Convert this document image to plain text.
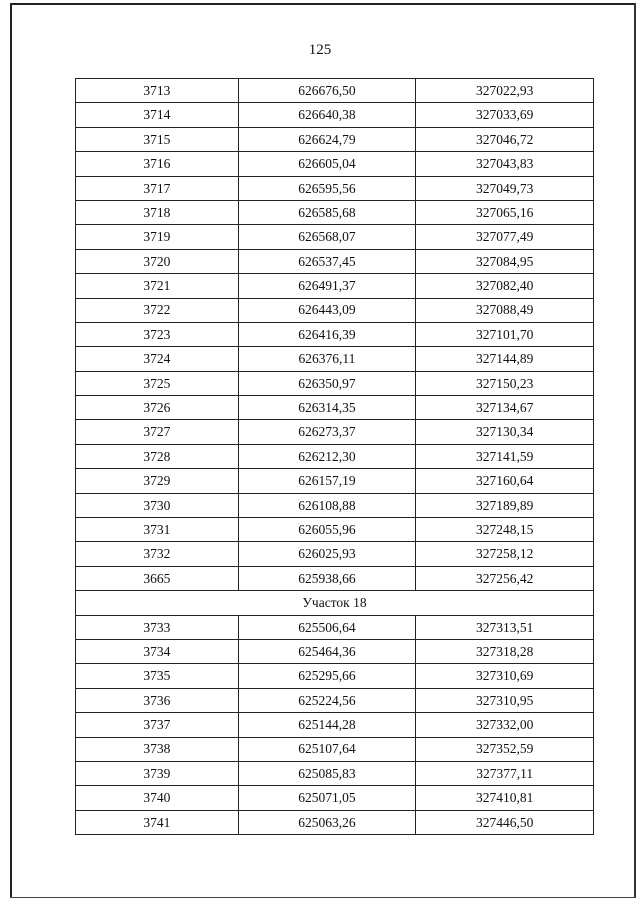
125
3713	626676,50	327022,93
3714	626640,38	327033,69
3715	626624,79	327046,72
3716	626605,04	327043,83
3717	626595,56	327049,73
3718	626585,68	327065,16
3719	626568,07	327077,49
3720	626537,45	327084,95
3721	626491,37	327082,40
3722	626443,09	327088,49
3723	626416,39	327101,70
3724	626376,11	327144,89
3725	626350,97	327150,23
3726	626314,35	327134,67
3727	626273,37	327130,34
3728	626212,30	327141,59
3729	626157,19	327160,64
3730	626108,88	327189,89
3731	626055,96	327248,15
3732	626025,93	327258,12
3665	625938,66	327256,42
Участок 18		
3733	625506,64	327313,51
3734	625464,36	327318,28
3735	625295,66	327310,69
3736	625224,56	327310,95
3737	625144,28	327332,00
3738	625107,64	327352,59
3739	625085,83	327377,11
3740	625071,05	327410,81
3741	625063,26	327446,50
